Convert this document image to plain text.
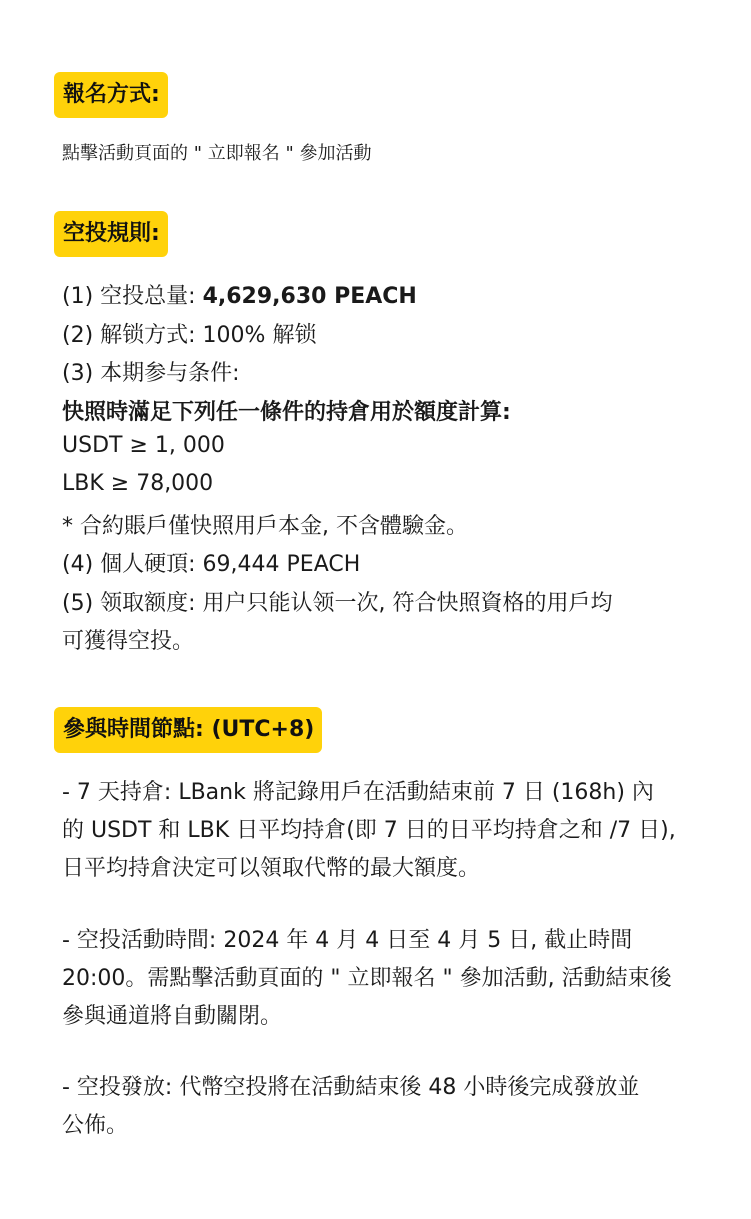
報名方式:
點擊活動頁面的 " 立即報名 " 參加活動
空投規則:
(1) 空投总量: 4,629,630 PEACH
(2) 解锁方式: 100% 解锁
(3) 本期参与条件:
快照時滿足下列任一條件的持倉用於額度計算:
USDT ≥ 1, 000
LBK ≥ 78,000
* 合約賬戶僅快照用戶本金, 不含體驗金。
(4) 個人硬頂: 69,444 PEACH
(5) 领取额度: 用户只能认领一次, 符合快照資格的用戶均
可獲得空投。
參與時間節點: (UTC+8)
- 7 天持倉: LBank 將記錄用戶在活動結束前 7 日 (168h) 內
的 USDT 和 LBK 日平均持倉(即 7 日的日平均持倉之和 /7 日),
日平均持倉決定可以領取代幣的最大額度。
- 空投活動時間: 2024 年 4 月 4 日至 4 月 5 日, 截止時間
20:00。需點擊活動頁面的 " 立即報名 " 參加活動, 活動結束後
參與通道將自動關閉。
- 空投發放: 代幣空投將在活動結束後 48 小時後完成發放並
公佈。
